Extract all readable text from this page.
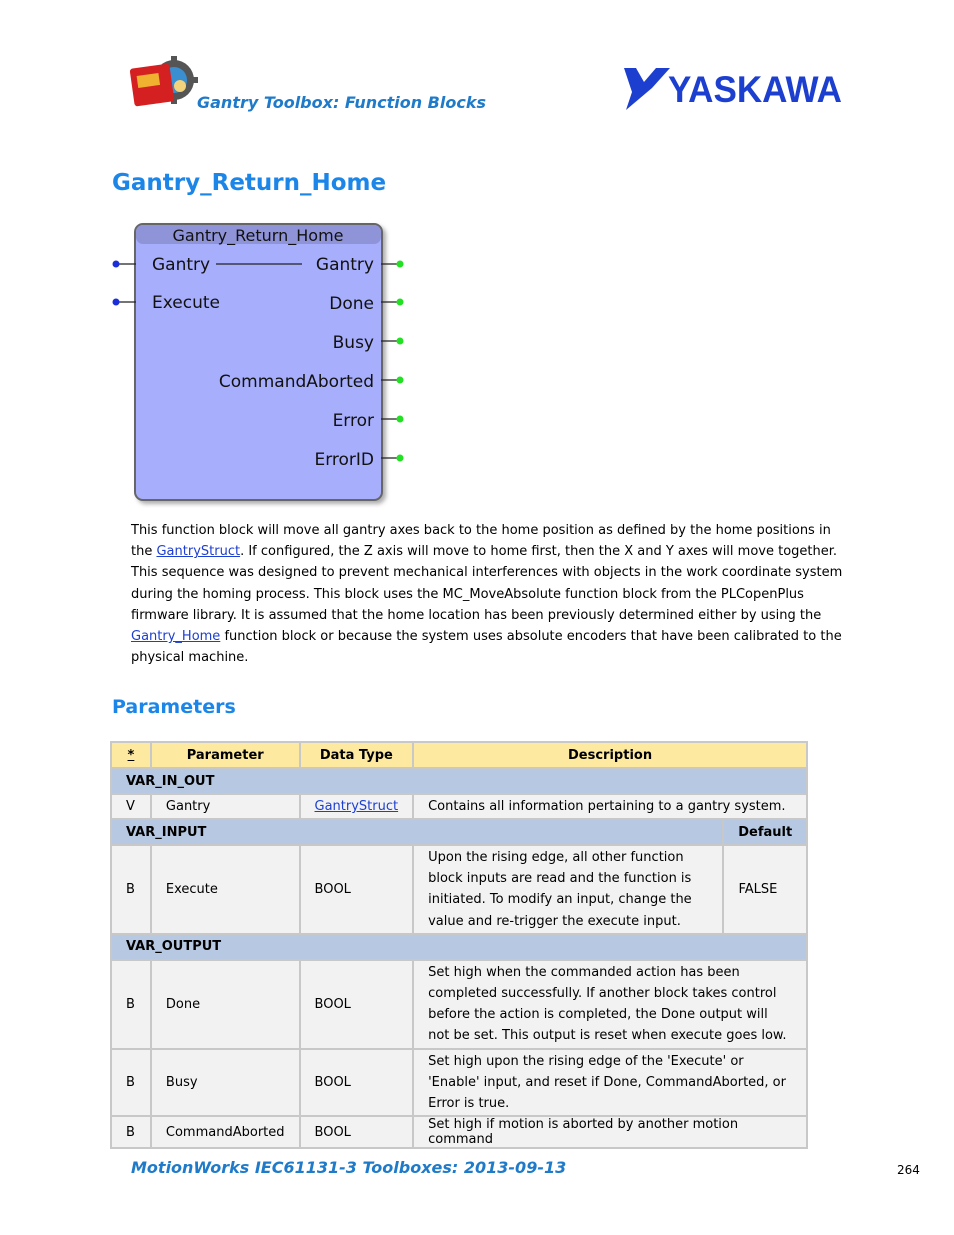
Gantry Toolbox: Function Blocks	YASKAWA
Gantry_Return_Home
Gantry_Return_Home
Gantry
Execute
Gantry
Done
Busy
CommandAborted
Error
ErrorID

This function block will move all gantry axes back to the home position as defined by the home positions in the GantryStruct. If configured, the Z axis will move to home first, then the X and Y axes will move together. This sequence was designed to prevent mechanical interferences with objects in the work coordinate system during the homing process. This block uses the MC_MoveAbsolute function block from the PLCopenPlus firmware library. It is assumed that the home location has been previously determined either by using the Gantry_Home function block or because the system uses absolute encoders that have been calibrated to the physical machine.

Parameters
*	Parameter	Data Type	Description	
VAR_IN_OUT				
V	Gantry	GantryStruct	Contains all information pertaining to a gantry system.	
VAR_INPUT				Default
B	Execute	BOOL	Upon the rising edge, all other function block inputs are read and the function is initiated. To modify an input, change the value and re-trigger the execute input.	FALSE
VAR_OUTPUT				
B	Done	BOOL	Set high when the commanded action has been completed successfully. If another block takes control before the action is completed, the Done output will not be set. This output is reset when execute goes low.	
B	Busy	BOOL	Set high upon the rising edge of the 'Execute' or 'Enable' input, and reset if Done, CommandAborted, or Error is true.	
B	CommandAborted	BOOL	Set high if motion is aborted by another motion command	
MotionWorks IEC61131-3 Toolboxes: 2013-09-13	264
